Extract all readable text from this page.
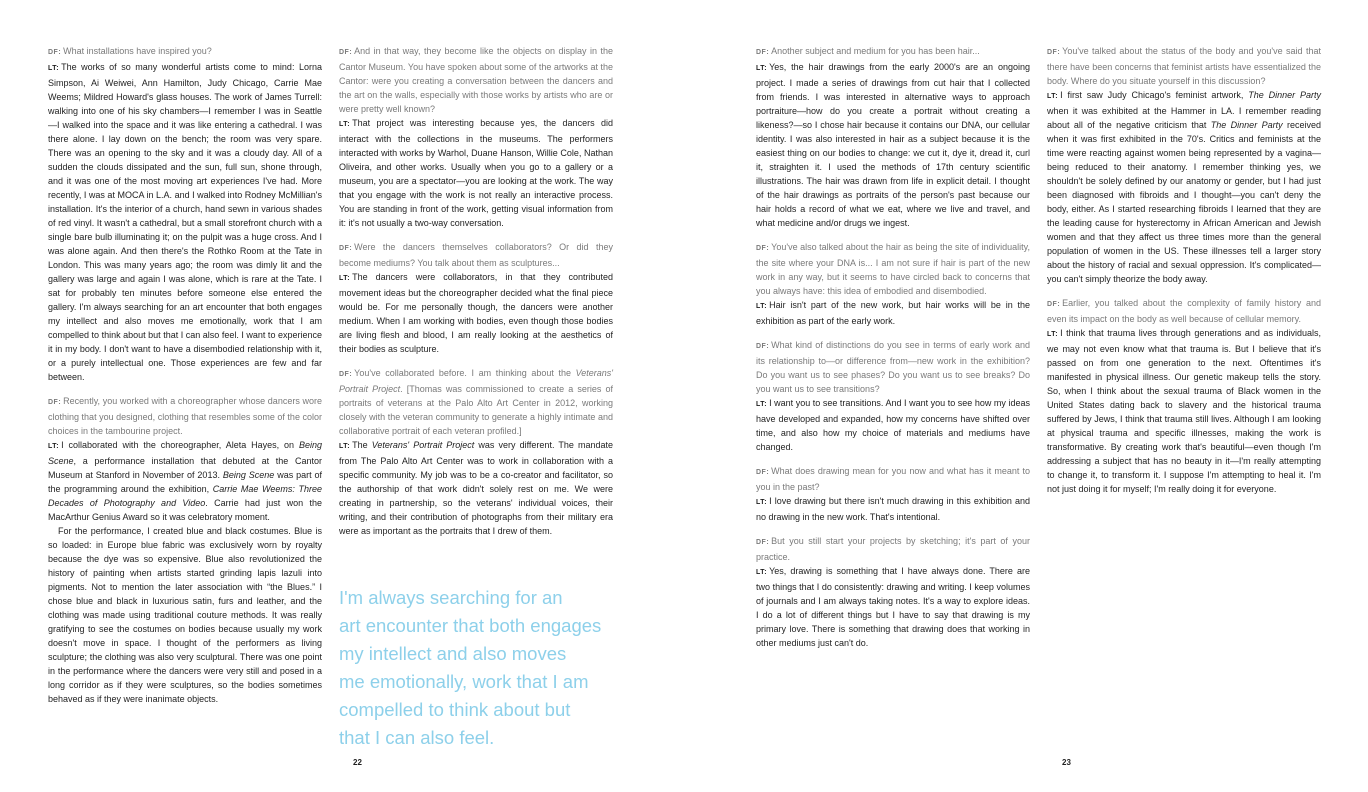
DF: What installations have inspired you?

LT: The works of so many wonderful artists come to mind: Lorna Simpson, Ai Weiwei, Ann Hamilton, Judy Chicago, Carrie Mae Weems; Mildred Howard's glass houses. The work of James Turrell: walking into one of his sky chambers—I remember I was in Seattle—I walked into the space and it was like entering a cathedral. I was there alone. I lay down on the bench; the room was very spare. There was an opening to the sky and it was a cloudy day. All of a sudden the clouds dissipated and the sun, full sun, shone through, and it was one of the most moving art experiences I've had. More recently, I was at MOCA in L.A. and I walked into Rodney McMillian's installation. It's the interior of a church, hand sewn in various shades of red vinyl. It wasn't a cathedral, but a small storefront church with a single bare bulb illuminating it; on the pulpit was a huge cross. And I was alone again. And then there's the Rothko Room at the Tate in London. This was many years ago; the room was dimly lit and the gallery was large and again I was alone, which is rare at the Tate. I sat for probably ten minutes before someone else entered the gallery. I'm always searching for an art encounter that both engages my intellect and also moves me emotionally, work that I am compelled to think about but that I can also feel. I want to experience it in my body. I don't want to have a disembodied relationship with it, or a purely intellectual one. Those experiences are few and far between.

DF: Recently, you worked with a choreographer whose dancers wore clothing that you designed, clothing that resembles some of the color choices in the tambourine project.

LT: I collaborated with the choreographer, Aleta Hayes, on Being Scene, a performance installation that debuted at the Cantor Museum at Stanford in November of 2013. Being Scene was part of the programming around the exhibition, Carrie Mae Weems: Three Decades of Photography and Video. Carrie had just won the MacArthur Genius Award so it was celebratory moment.

For the performance, I created blue and black costumes. Blue is so loaded: in Europe blue fabric was exclusively worn by royalty because the dye was so expensive. Blue also revolutionized the history of painting when artists started grinding lapis lazuli into pigments. Not to mention the later association with “the Blues.” I chose blue and black in luxurious satin, furs and leather, and the clothing was made using traditional couture methods. It was really gratifying to see the costumes on bodies because usually my work doesn't move in space. I thought of the performers as living sculpture; the clothing was also very sculptural. There was one point in the performance where the dancers were very still and posed in a long corridor as if they were sculptures, so the bodies sometimes behaved as if they were inanimate objects.

DF: And in that way, they become like the objects on display in the Cantor Museum. You have spoken about some of the artworks at the Cantor: were you creating a conversation between the dancers and the art on the walls, especially with those works by artists who are or were pretty well known?

LT: That project was interesting because yes, the dancers did interact with the collections in the museums. The performers interacted with works by Warhol, Duane Hanson, Willie Cole, Nathan Oliveira, and other works. Usually when you go to a gallery or a museum, you are a spectator—you are looking at the work. The way that you engage with the work is not really an interactive process. You are standing in front of the work, getting visual information from it: it's not usually a two-way conversation.

DF: Were the dancers themselves collaborators? Or did they become mediums? You talk about them as sculptures...

LT: The dancers were collaborators, in that they contributed movement ideas but the choreographer decided what the final piece would be. For me personally though, the dancers were another medium. When I am working with bodies, even though those bodies are living flesh and blood, I am really looking at the aesthetics of their bodies as sculpture.

DF: You've collaborated before. I am thinking about the Veterans' Portrait Project. [Thomas was commissioned to create a series of portraits of veterans at the Palo Alto Art Center in 2012, working closely with the veteran community to generate a highly intimate and collaborative portrait of each veteran profiled.]

LT: The Veterans' Portrait Project was very different. The mandate from The Palo Alto Art Center was to work in collaboration with a specific community. My job was to be a co-creator and facilitator, so the authorship of that work didn't solely rest on me. We were creating in partnership, so the veterans' individual voices, their writing, and their contribution of photographs from their military era were as important as the portraits that I drew of them.

I'm always searching for an
art encounter that both engages
my intellect and also moves
me emotionally, work that I am
compelled to think about but
that I can also feel.

DF: Another subject and medium for you has been hair...

LT: Yes, the hair drawings from the early 2000's are an ongoing project. I made a series of drawings from cut hair that I collected from friends. I was interested in alternative ways to approach portraiture—how do you create a portrait without creating a likeness?—so I chose hair because it contains our DNA, our cellular identity. I was also interested in hair as a subject because it is the easiest thing on our bodies to change: we cut it, dye it, dread it, curl it, straighten it. I used the methods of 17th century scientific illustrations. The hair was drawn from life in explicit detail. I thought of the hair drawings as portraits of the person's past because our hair holds a record of what we eat, where we live and travel, and what medicine and/or drugs we ingest.

DF: You've also talked about the hair as being the site of individuality, the site where your DNA is... I am not sure if hair is part of the new work in any way, but it seems to have circled back to concerns that you always have: this idea of embodied and disembodied.

LT: Hair isn't part of the new work, but hair works will be in the exhibition as part of the early work.

DF: What kind of distinctions do you see in terms of early work and its relationship to—or difference from—new work in the exhibition? Do you want us to see phases? Do you want us to see breaks? Do you want us to see transitions?

LT: I want you to see transitions. And I want you to see how my ideas have developed and expanded, how my concerns have shifted over time, and also how my choice of materials and mediums have changed.

DF: What does drawing mean for you now and what has it meant to you in the past?

LT: I love drawing but there isn't much drawing in this exhibition and no drawing in the new work. That's intentional.

DF: But you still start your projects by sketching; it's part of your practice.

LT: Yes, drawing is something that I have always done. There are two things that I do consistently: drawing and writing. I keep volumes of journals and I am always taking notes. It's a way to explore ideas. I do a lot of different things but I have to say that drawing is my primary love. There is something that drawing does that working in other mediums just can't do.

DF: You've talked about the status of the body and you've said that there have been concerns that feminist artists have essentialized the body. Where do you situate yourself in this discussion?

LT: I first saw Judy Chicago's feminist artwork, The Dinner Party when it was exhibited at the Hammer in LA. I remember reading about all of the negative criticism that The Dinner Party received when it was first exhibited in the 70's. Critics and feminists at the time were reacting against women being represented by a vagina—being reduced to their anatomy. I remember thinking yes, we shouldn't be solely defined by our anatomy or gender, but I had just been diagnosed with fibroids and I thought—you can't deny the body, either. As I started researching fibroids I learned that they are the leading cause for hysterectomy in African American and Jewish women and that they affect us three times more than the general population of women in the US. These illnesses tell a larger story about the history of racial and sexual oppression. It's complicated—you can't simply theorize the body away.

DF: Earlier, you talked about the complexity of family history and even its impact on the body as well because of cellular memory.

LT: I think that trauma lives through generations and as individuals, we may not even know what that trauma is. But I believe that it's passed on from one generation to the next. Oftentimes it's manifested in physical illness. Our genetic makeup tells the story. So, when I think about the sexual trauma of Black women in the United States dating back to slavery and the historical trauma suffered by Jews, I think that trauma still lives. Although I am looking at physical trauma and specific illnesses, making the work is transformative. By creating work that's beautiful—even though I'm addressing a subject that has no beauty in it—I'm really attempting to change it, to transform it. I suppose I'm attempting to heal it. I'm not just doing it for myself; I'm really doing it for everyone.

22	23
